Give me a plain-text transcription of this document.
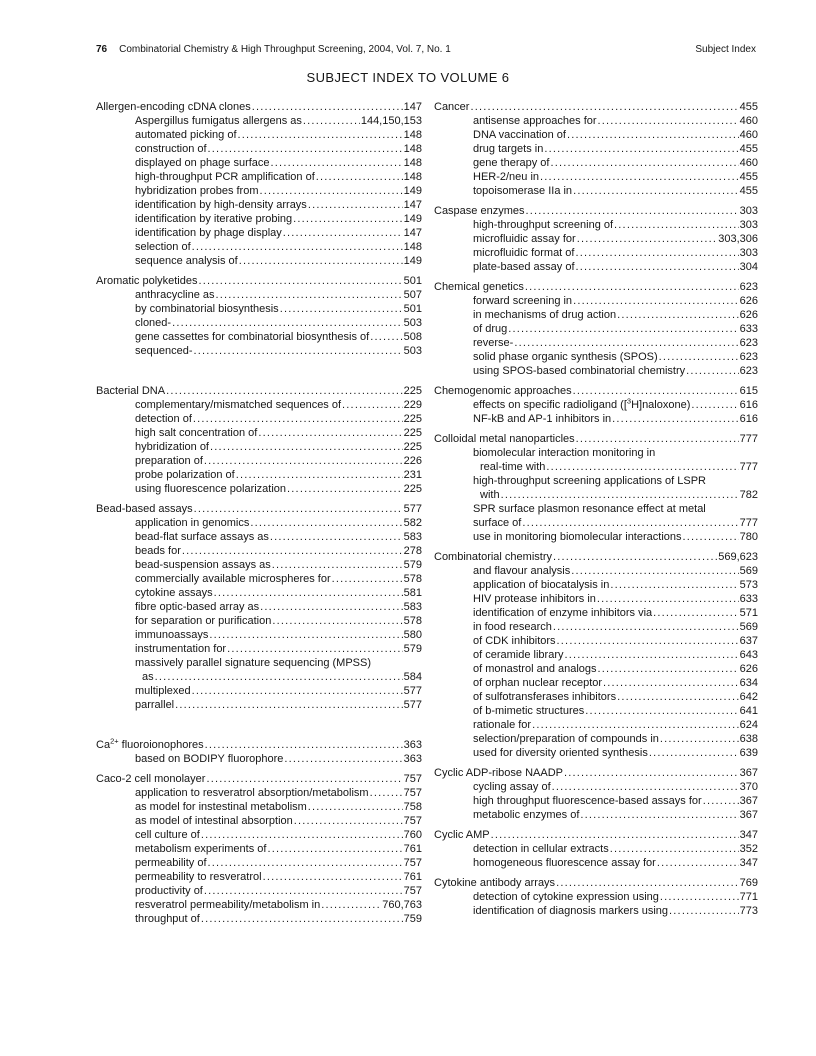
76 Combinatorial Chemistry & High Throughput Screening, 2004, Vol. 7, No. 1	Subject Index
SUBJECT INDEX TO VOLUME 6
Allergen-encoding cDNA clones .....	147
Aspergillus fumigatus allergens as .....	144,150,153
automated picking of .....	148
construction of .....	148
displayed on phage surface .....	148
high-throughput PCR amplification of .....	148
hybridization probes from .....	149
identification by high-density arrays .....	147
identification by iterative probing .....	149
identification by phage display .....	147
selection of .....	148
sequence analysis of .....	149
Aromatic polyketides .....	501
anthracycline as .....	507
by combinatorial biosynthesis .....	501
cloned- .....	503
gene cassettes for combinatorial biosynthesis of .....	508
sequenced- .....	503
Bacterial DNA .....	225
complementary/mismatched sequences of .....	229
detection of .....	225
high salt concentration of .....	225
hybridization of .....	225
preparation of .....	226
probe polarization of .....	231
using fluorescence polarization .....	225
Bead-based assays .....	577
application in genomics .....	582
bead-flat surface assays as .....	583
beads for .....	278
bead-suspension assays as .....	579
commercially available microspheres for .....	578
cytokine assays .....	581
fibre optic-based array as .....	583
for separation or purification .....	578
immunoassays .....	580
instrumentation for .....	579
massively parallel signature sequencing (MPSS)
as .....	584
multiplexed .....	577
parrallel .....	577
$Ca^{2+}$ fluoroionophores .....	363
based on BODIPY fluorophore .....	363
Caco-2 cell monolayer .....	757
application to resveratrol absorption/metabolism .....	757
as model for instestinal metabolism .....	758
as model of intestinal absorption .....	757
cell culture of .....	760
metabolism experiments of .....	761
permeability of .....	757
permeability to resveratrol .....	761
productivity of .....	757
resveratrol permeability/metabolism in .....	760,763
throughput of .....	759
Cancer .....	455
antisense approaches for .....	460
DNA vaccination of .....	460
drug targets in .....	455
gene therapy of .....	460
HER-2/neu in .....	455
topoisomerase IIa in .....	455
Caspase enzymes .....	303
high-throughput screening of .....	303
microfluidic assay for .....	303,306
microfluidic format of .....	303
plate-based assay of .....	304
Chemical genetics .....	623
forward screening in .....	626
in mechanisms of drug action .....	626
of drug .....	633
reverse- .....	623
solid phase organic synthesis (SPOS) .....	623
using SPOS-based combinatorial chemistry .....	623
Chemogenomic approaches .....	615
effects on specific radioligand ([$^3$H]naloxone) .....	616
NF-kB and AP-1 inhibitors in .....	616
Colloidal metal nanoparticles .....	777
biomolecular interaction monitoring in
real-time with .....	777
high-throughput screening applications of LSPR
with .....	782
SPR surface plasmon resonance effect at metal
surface of .....	777
use in monitoring biomolecular interactions .....	780
Combinatorial chemistry .....	569,623
and flavour analysis .....	569
application of biocatalysis in .....	573
HIV protease inhibitors in .....	633
identification of enzyme inhibitors via .....	571
in food research .....	569
of CDK inhibitors .....	637
of ceramide library .....	643
of monastrol and analogs .....	626
of orphan nuclear receptor .....	634
of sulfotransferases inhibitors .....	642
of b-mimetic structures .....	641
rationale for .....	624
selection/preparation of compounds in .....	638
used for diversity oriented synthesis .....	639
Cyclic ADP-ribose NAADP .....	367
cycling assay of .....	370
high throughput fluorescence-based assays for .....	367
metabolic enzymes of .....	367
Cyclic AMP .....	347
detection in cellular extracts .....	352
homogeneous fluorescence assay for .....	347
Cytokine antibody arrays .....	769
detection of cytokine expression using .....	771
identification of diagnosis markers using .....	773
